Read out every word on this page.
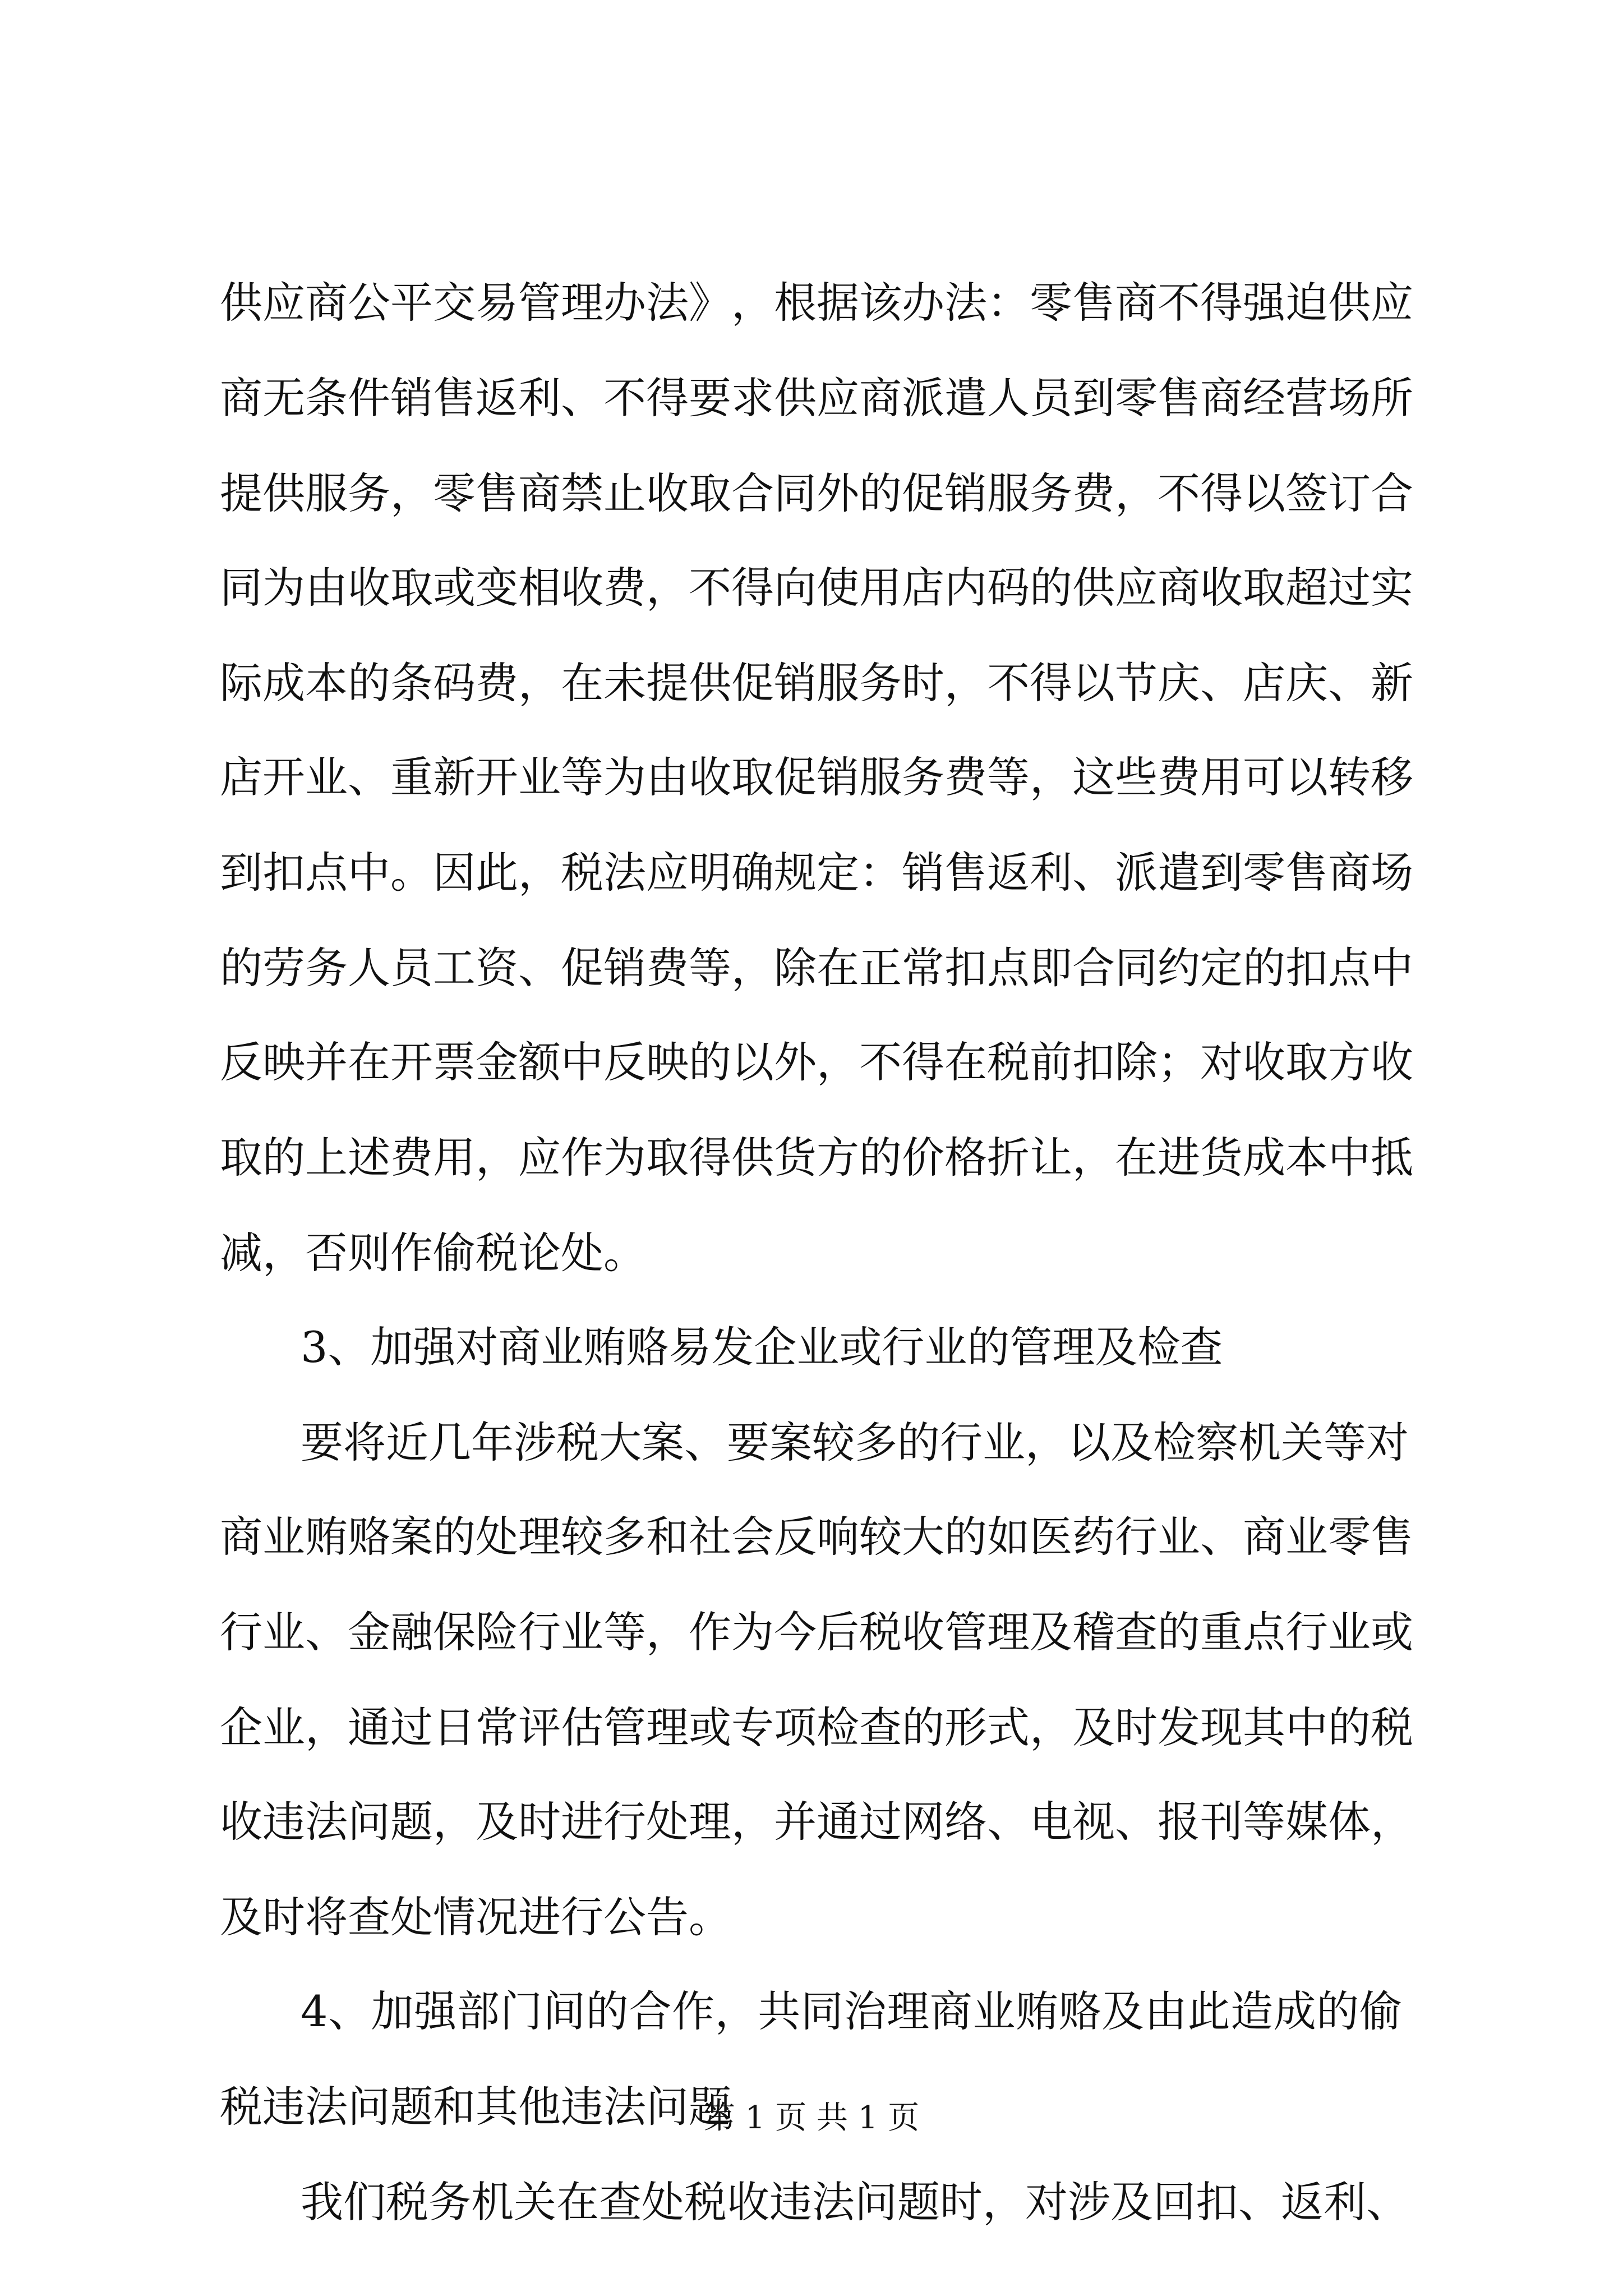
供 应 商 公 平 交 易 管 理 办 法 》 ， 根 据 该 办 法 ： 零 售 商 不 得 强 迫 供 应
商 无 条 件 销 售 返 利 、 不 得 要 求 供 应 商 派 遣 人 员 到 零 售 商 经 营 场 所
提 供 服 务 ， 零 售 商 禁 止 收 取 合 同 外 的 促 销 服 务 费 ， 不 得 以 签 订 合
同 为 由 收 取 或 变 相 收 费 ， 不 得 向 使 用 店 内 码 的 供 应 商 收 取 超 过 实
际 成 本 的 条 码 费 ， 在 未 提 供 促 销 服 务 时 ， 不 得 以 节 庆 、 店 庆 、 新
店 开 业 、 重 新 开 业 等 为 由 收 取 促 销 服 务 费 等 ， 这 些 费 用 可 以 转 移
到 扣 点 中 。 因 此 ， 税 法 应 明 确 规 定 ： 销 售 返 利 、 派 遣 到 零 售 商 场
的 劳 务 人 员 工 资 、 促 销 费 等 ， 除 在 正 常 扣 点 即 合 同 约 定 的 扣 点 中
反 映 并 在 开 票 金 额 中 反 映 的 以 外 ， 不 得 在 税 前 扣 除 ； 对 收 取 方 收
取 的 上 述 费 用 ， 应 作 为 取 得 供 货 方 的 价 格 折 让 ， 在 进 货 成 本 中 抵
减，否则作偷税论处。
3、加强对商业贿赂易发企业或行业的管理及检查
要 将 近 几 年 涉 税 大 案 、 要 案 较 多 的 行 业 ， 以 及 检 察 机 关 等 对
商 业 贿 赂 案 的 处 理 较 多 和 社 会 反 响 较 大 的 如 医 药 行 业 、 商 业 零 售
行 业 、 金 融 保 险 行 业 等 ， 作 为 今 后 税 收 管 理 及 稽 查 的 重 点 行 业 或
企 业 ， 通 过 日 常 评 估 管 理 或 专 项 检 查 的 形 式 ， 及 时 发 现 其 中 的 税
收 违 法 问 题 ， 及 时 进 行 处 理 ， 并 通 过 网 络 、 电 视 、 报 刊 等 媒 体 ，
及时将查处情况进行公告。
4 、 加 强 部 门 间 的 合 作 ， 共 同 治 理 商 业 贿 赂 及 由 此 造 成 的 偷
税违法问题和其他违法问题
我 们 税 务 机 关 在 查 处 税 收 违 法 问 题 时 ， 对 涉 及 回 扣 、 返 利 、
第 1 页 共 1 页
